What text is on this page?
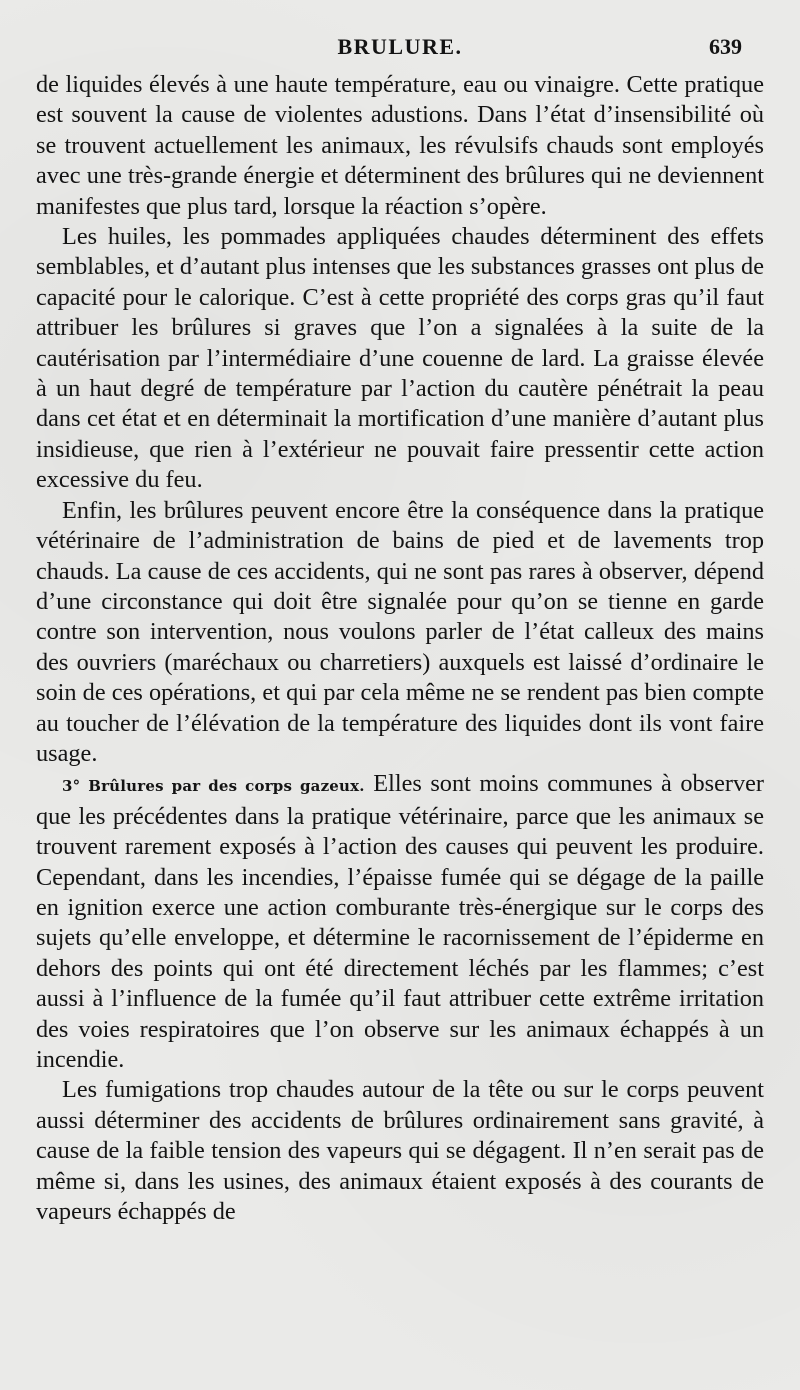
BRULURE.	639

de liquides élevés à une haute température, eau ou vinaigre. Cette pratique est souvent la cause de violentes adustions. Dans l’état d’insensibilité où se trouvent actuellement les animaux, les révulsifs chauds sont employés avec une très-grande énergie et déterminent des brûlures qui ne deviennent manifestes que plus tard, lorsque la réaction s’opère.

Les huiles, les pommades appliquées chaudes déterminent des effets semblables, et d’autant plus intenses que les substances grasses ont plus de capacité pour le calorique. C’est à cette propriété des corps gras qu’il faut attribuer les brûlures si graves que l’on a signalées à la suite de la cautérisation par l’intermédiaire d’une couenne de lard. La graisse élevée à un haut degré de température par l’action du cautère pénétrait la peau dans cet état et en déterminait la mortification d’une manière d’autant plus insidieuse, que rien à l’extérieur ne pouvait faire pressentir cette action excessive du feu.

Enfin, les brûlures peuvent encore être la conséquence dans la pratique vétérinaire de l’administration de bains de pied et de lavements trop chauds. La cause de ces accidents, qui ne sont pas rares à observer, dépend d’une circonstance qui doit être signalée pour qu’on se tienne en garde contre son intervention, nous voulons parler de l’état calleux des mains des ouvriers (maréchaux ou charretiers) auxquels est laissé d’ordinaire le soin de ces opérations, et qui par cela même ne se rendent pas bien compte au toucher de l’élévation de la température des liquides dont ils vont faire usage.

3° Brûlures par des corps gazeux. Elles sont moins communes à observer que les précédentes dans la pratique vétérinaire, parce que les animaux se trouvent rarement exposés à l’action des causes qui peuvent les produire. Cependant, dans les incendies, l’épaisse fumée qui se dégage de la paille en ignition exerce une action comburante très-énergique sur le corps des sujets qu’elle enveloppe, et détermine le racornissement de l’épiderme en dehors des points qui ont été directement léchés par les flammes; c’est aussi à l’influence de la fumée qu’il faut attribuer cette extrême irritation des voies respiratoires que l’on observe sur les animaux échappés à un incendie.

Les fumigations trop chaudes autour de la tête ou sur le corps peuvent aussi déterminer des accidents de brûlures ordinairement sans gravité, à cause de la faible tension des vapeurs qui se dégagent. Il n’en serait pas de même si, dans les usines, des animaux étaient exposés à des courants de vapeurs échappés de
